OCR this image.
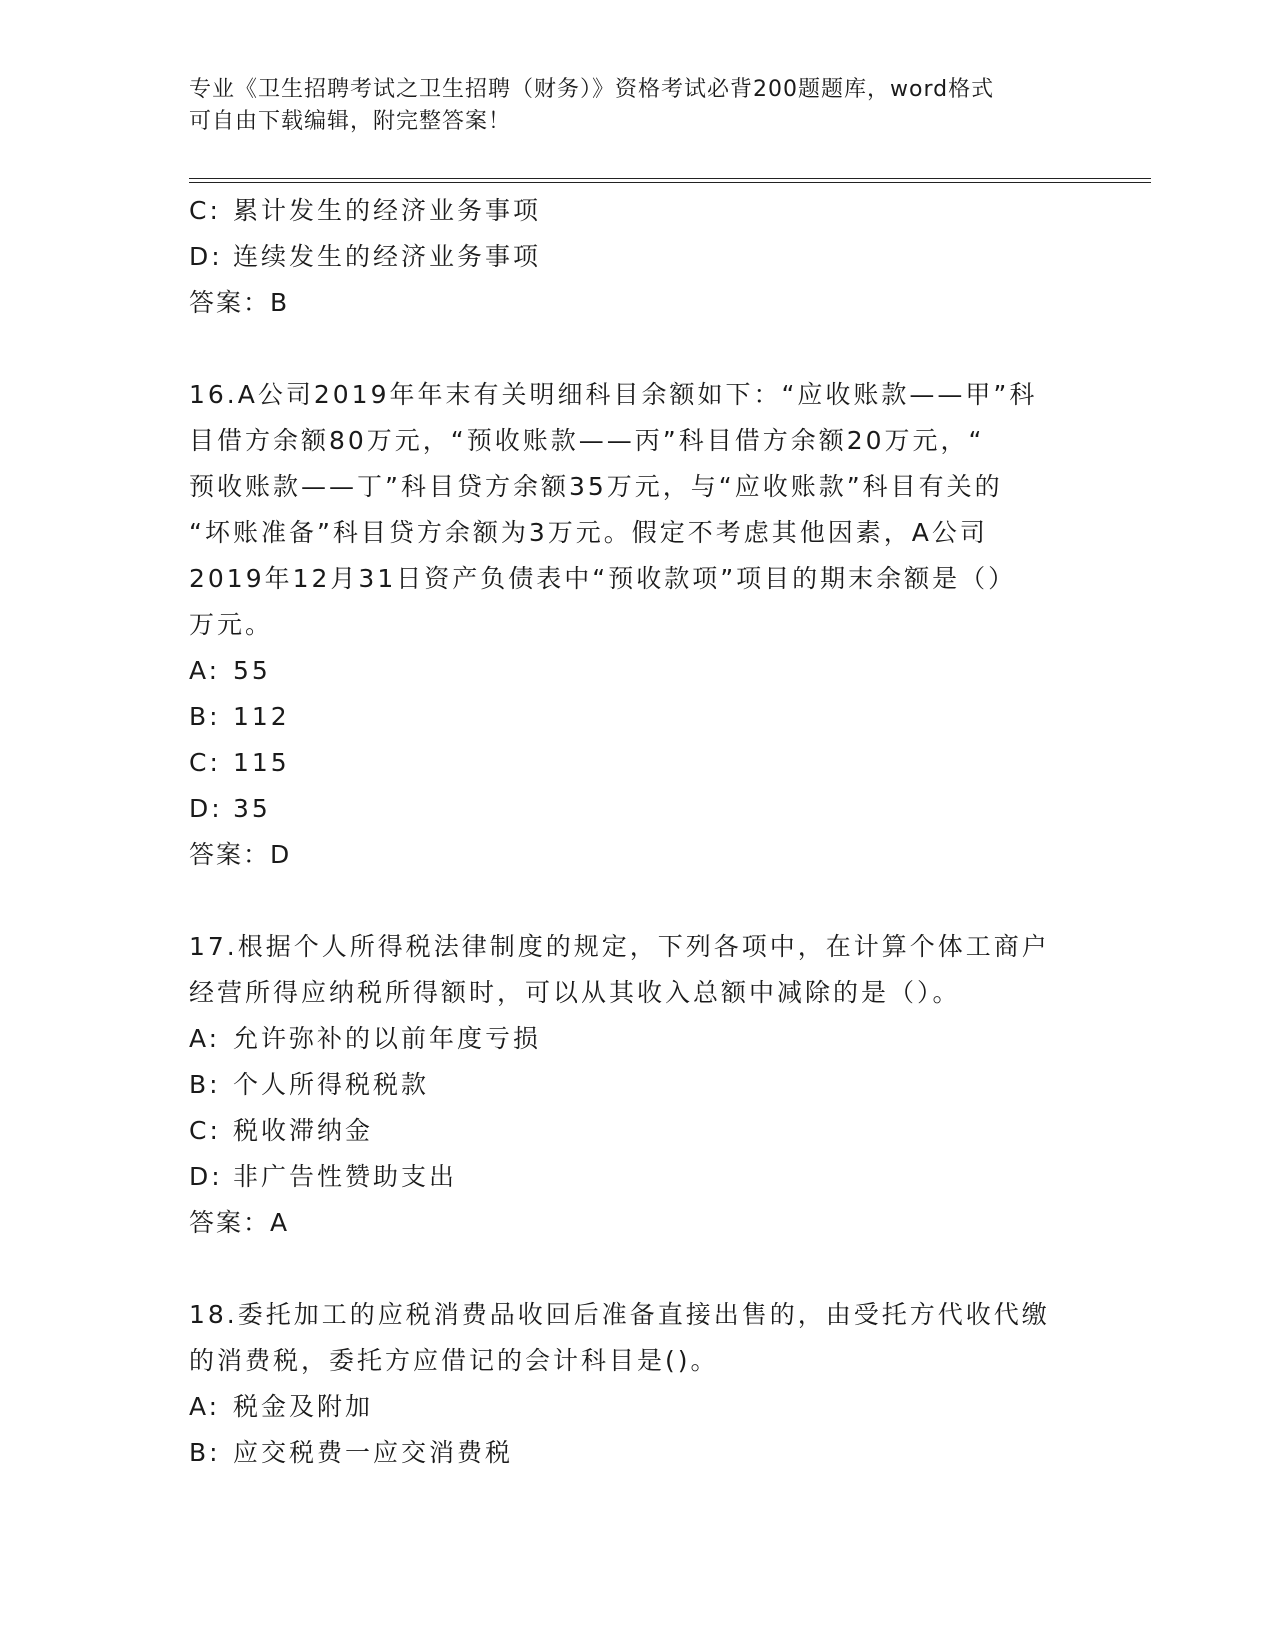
专业《卫生招聘考试之卫生招聘（财务）》资格考试必背200题题库，word格式
可自由下载编辑，附完整答案！
C: 累计发生的经济业务事项
D: 连续发生的经济业务事项
答案：B
16.A公司2019年年末有关明细科目余额如下：“应收账款——甲”科
目借方余额80万元，“预收账款——丙”科目借方余额20万元，“
预收账款——丁”科目贷方余额35万元，与“应收账款”科目有关的
“坏账准备”科目贷方余额为3万元。假定不考虑其他因素，A公司
2019年12月31日资产负债表中“预收款项”项目的期末余额是（）
万元。
A: 55
B: 112
C: 115
D: 35
答案：D
17.根据个人所得税法律制度的规定，下列各项中，在计算个体工商户
经营所得应纳税所得额时，可以从其收入总额中减除的是（）。
A: 允许弥补的以前年度亏损
B: 个人所得税税款
C: 税收滞纳金
D: 非广告性赞助支出
答案：A
18.委托加工的应税消费品收回后准备直接出售的，由受托方代收代缴
的消费税，委托方应借记的会计科目是()。
A: 税金及附加
B: 应交税费一应交消费税
